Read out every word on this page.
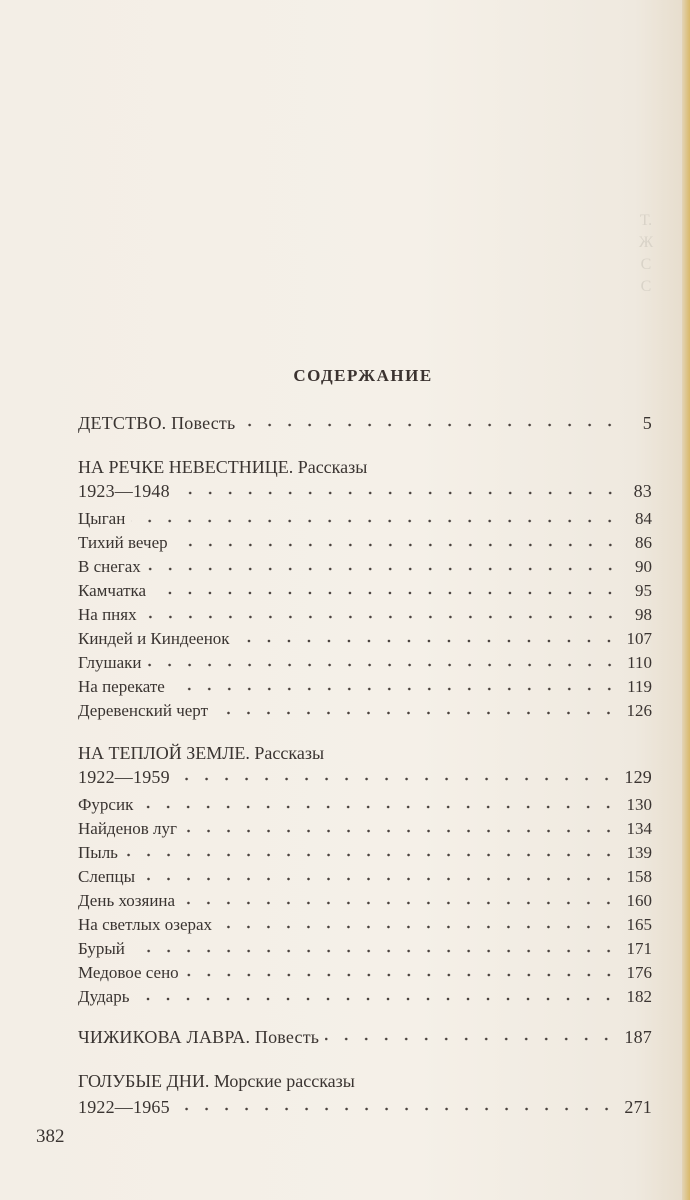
Т.
Ж
С
С
СОДЕРЖАНИЕ
ДЕТСТВО. Повесть	5
НА РЕЧКЕ НЕВЕСТНИЦЕ. Рассказы
1923—1948	83
Цыган	84
Тихий вечер	86
В снегах	90
Камчатка	95
На пнях	98
Киндей и Киндеенок	107
Глушаки	110
На перекате	119
Деревенский черт	126
НА ТЕПЛОЙ ЗЕМЛЕ. Рассказы
1922—1959	129
Фурсик	130
Найденов луг	134
Пыль	139
Слепцы	158
День хозяина	160
На светлых озерах	165
Бурый	171
Медовое сено	176
Дударь	182
ЧИЖИКОВА ЛАВРА. Повесть	187
ГОЛУБЫЕ ДНИ. Морские рассказы
1922—1965	271
382
